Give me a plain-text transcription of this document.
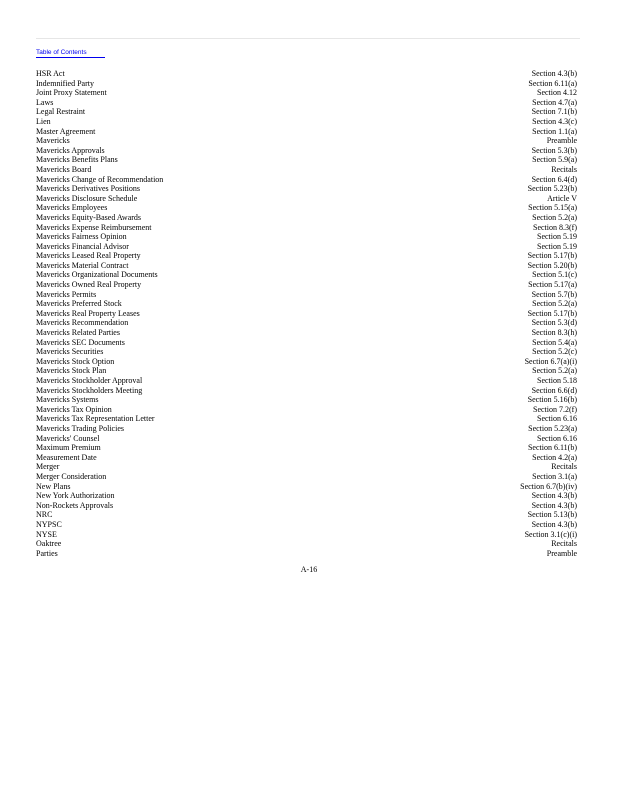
Table of Contents
HSR Act	Section 4.3(b)
Indemnified Party	Section 6.11(a)
Joint Proxy Statement	Section 4.12
Laws	Section 4.7(a)
Legal Restraint	Section 7.1(b)
Lien	Section 4.3(c)
Master Agreement	Section 1.1(a)
Mavericks	Preamble
Mavericks Approvals	Section 5.3(b)
Mavericks Benefits Plans	Section 5.9(a)
Mavericks Board	Recitals
Mavericks Change of Recommendation	Section 6.4(d)
Mavericks Derivatives Positions	Section 5.23(b)
Mavericks Disclosure Schedule	Article V
Mavericks Employees	Section 5.15(a)
Mavericks Equity-Based Awards	Section 5.2(a)
Mavericks Expense Reimbursement	Section 8.3(f)
Mavericks Fairness Opinion	Section 5.19
Mavericks Financial Advisor	Section 5.19
Mavericks Leased Real Property	Section 5.17(b)
Mavericks Material Contract	Section 5.20(b)
Mavericks Organizational Documents	Section 5.1(c)
Mavericks Owned Real Property	Section 5.17(a)
Mavericks Permits	Section 5.7(b)
Mavericks Preferred Stock	Section 5.2(a)
Mavericks Real Property Leases	Section 5.17(b)
Mavericks Recommendation	Section 5.3(d)
Mavericks Related Parties	Section 8.3(h)
Mavericks SEC Documents	Section 5.4(a)
Mavericks Securities	Section 5.2(c)
Mavericks Stock Option	Section 6.7(a)(i)
Mavericks Stock Plan	Section 5.2(a)
Mavericks Stockholder Approval	Section 5.18
Mavericks Stockholders Meeting	Section 6.6(d)
Mavericks Systems	Section 5.16(b)
Mavericks Tax Opinion	Section 7.2(f)
Mavericks Tax Representation Letter	Section 6.16
Mavericks Trading Policies	Section 5.23(a)
Mavericks' Counsel	Section 6.16
Maximum Premium	Section 6.11(b)
Measurement Date	Section 4.2(a)
Merger	Recitals
Merger Consideration	Section 3.1(a)
New Plans	Section 6.7(b)(iv)
New York Authorization	Section 4.3(b)
Non-Rockets Approvals	Section 4.3(b)
NRC	Section 5.13(b)
NYPSC	Section 4.3(b)
NYSE	Section 3.1(c)(i)
Oaktree	Recitals
Parties	Preamble
A-16
